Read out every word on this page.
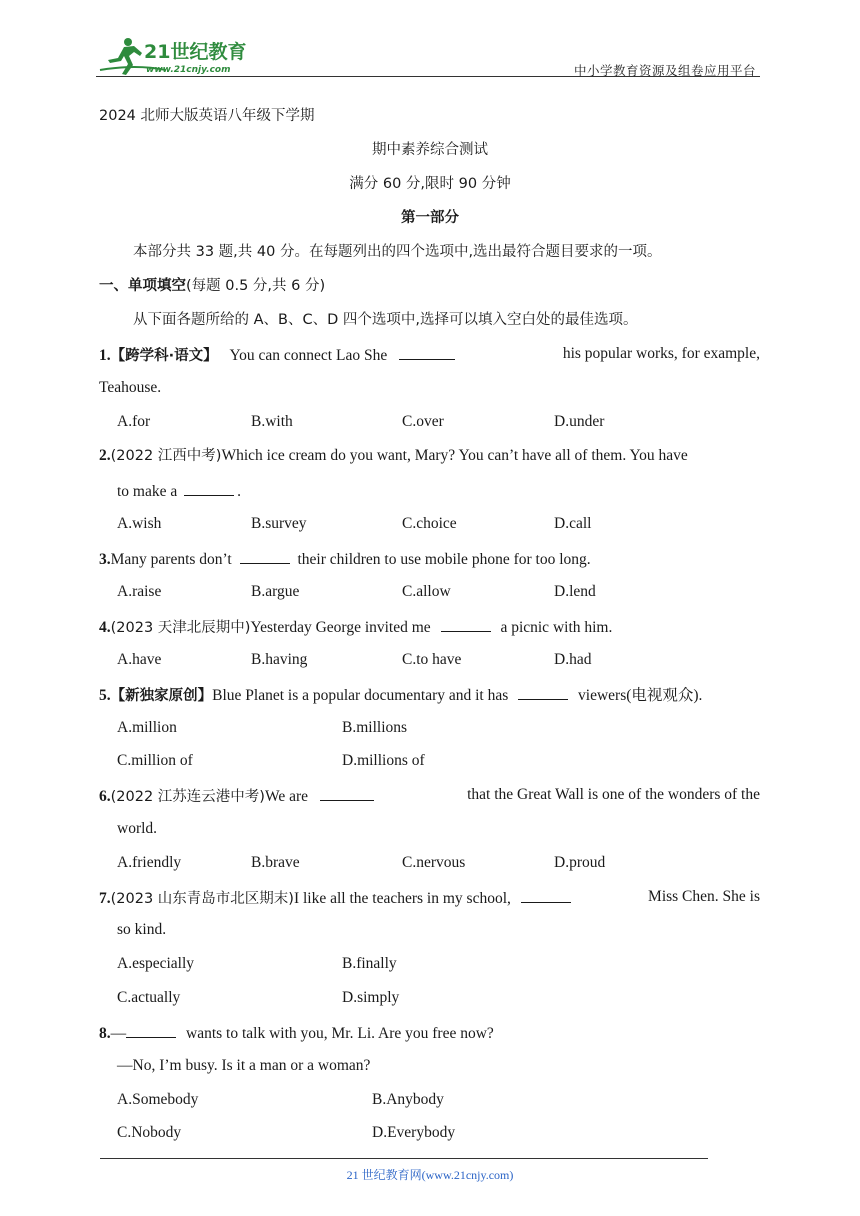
21世纪教育
www.21cnjy.com	中小学教育资源及组卷应用平台
2024 北师大版英语八年级下学期
期中素养综合测试
满分 60 分,限时 90 分钟
第一部分
本部分共 33 题,共 40 分。在每题列出的四个选项中,选出最符合题目要求的一项。
一、单项填空(每题 0.5 分,共 6 分)
从下面各题所给的 A、B、C、D 四个选项中,选择可以填入空白处的最佳选项。
1.【跨学科·语文】 You can connect Lao She	his popular works, for example,
Teahouse.
A.for	B.with	C.over	D.under
2.(2022 江西中考)Which ice cream do you want, Mary? You can’t have all of them. You have
to make a	.
A.wish	B.survey	C.choice	D.call
3.Many parents don’t	their children to use mobile phone for too long.
A.raise	B.argue	C.allow	D.lend
4.(2023 天津北辰期中)Yesterday George invited me	a picnic with him.
A.have	B.having	C.to have	D.had
5.【新独家原创】Blue Planet is a popular documentary and it has	viewers(电视观众).
A.million	B.millions
C.million of	D.millions of
6.(2022 江苏连云港中考)We are	that the Great Wall is one of the wonders of the
world.
A.friendly	B.brave	C.nervous	D.proud
7.(2023 山东青岛市北区期末)I like all the teachers in my school,	Miss Chen. She is
so kind.
A.especially	B.finally
C.actually	D.simply
8.—	wants to talk with you, Mr. Li. Are you free now?
—No, I’m busy. Is it a man or a woman?
A.Somebody	B.Anybody
C.Nobody	D.Everybody
21 世纪教育网(www.21cnjy.com)
